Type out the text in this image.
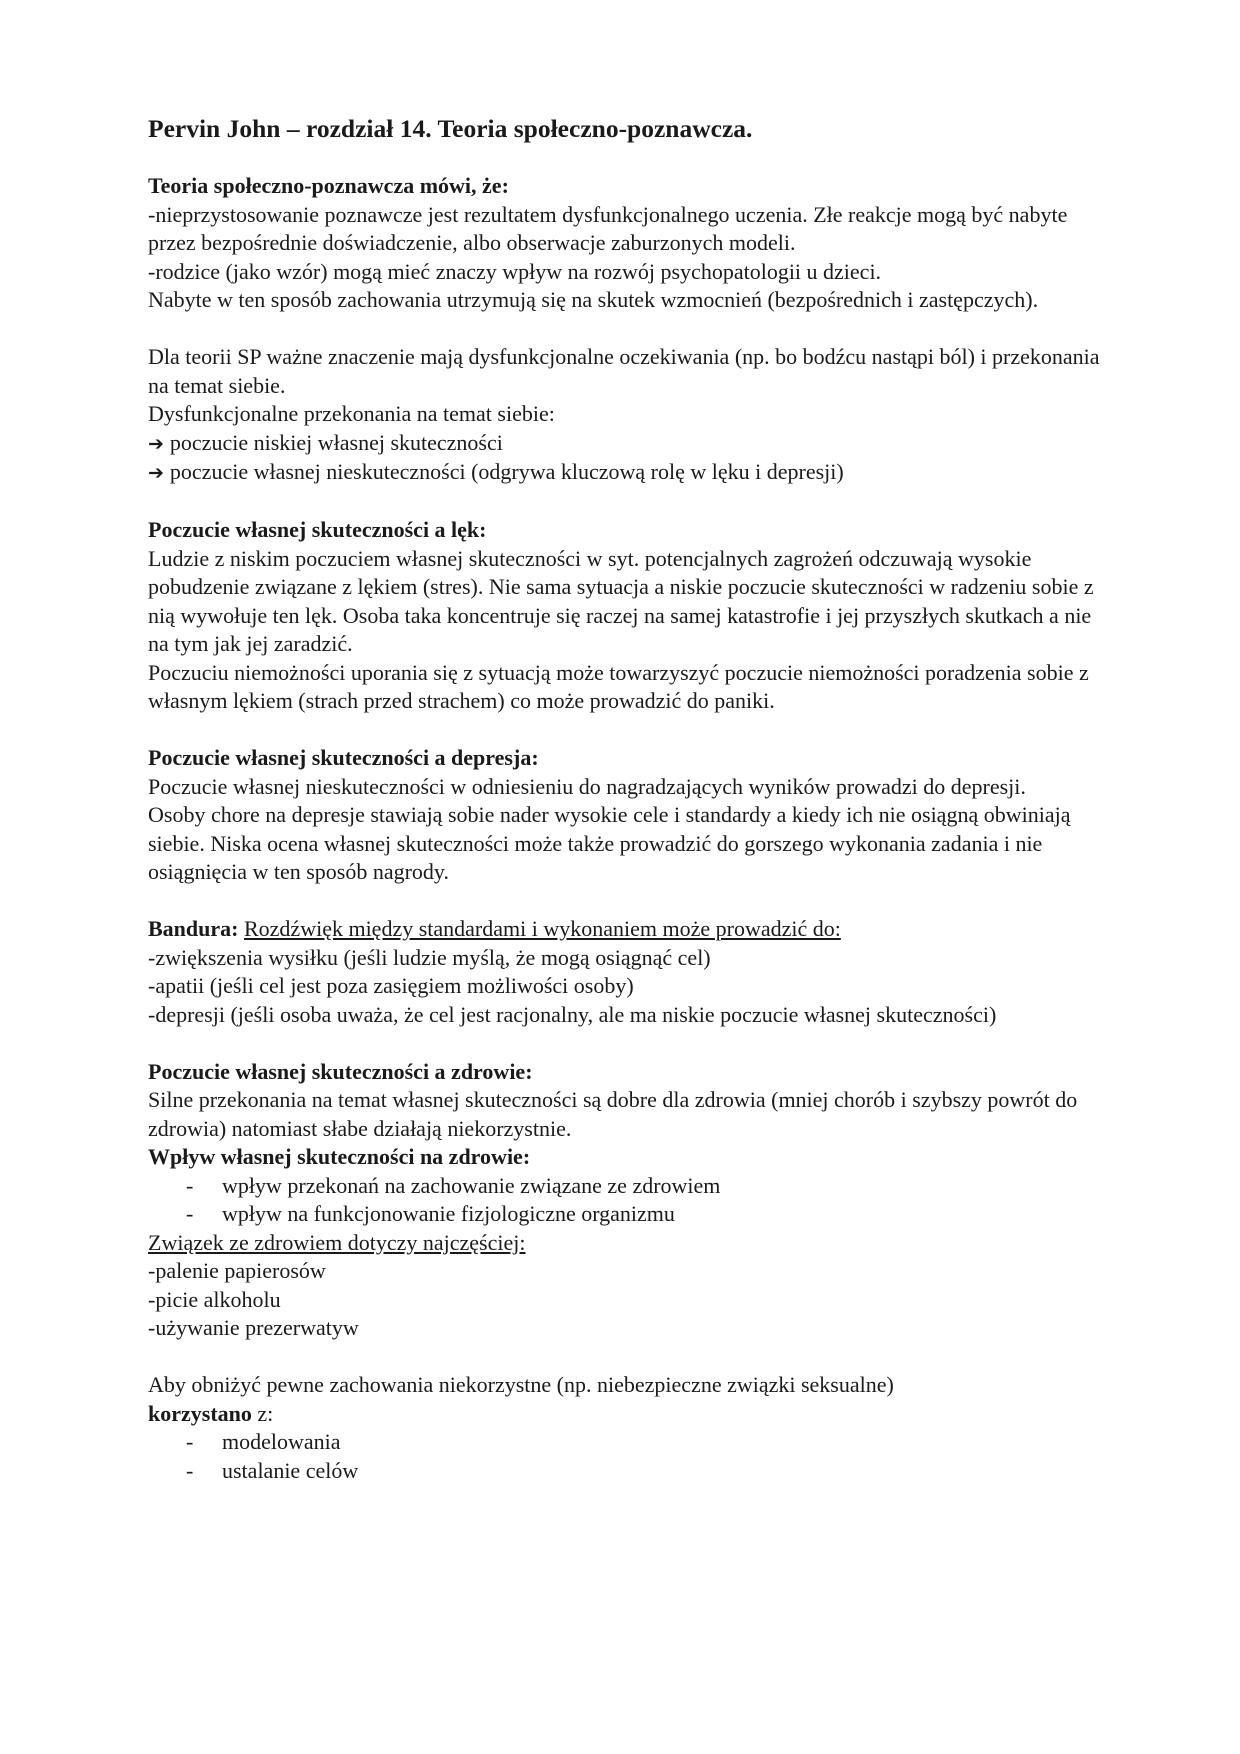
Pervin John – rozdział 14. Teoria społeczno-poznawcza.

Teoria społeczno-poznawcza mówi, że:

-nieprzystosowanie poznawcze jest rezultatem dysfunkcjonalnego uczenia. Złe reakcje mogą być nabyte przez bezpośrednie doświadczenie, albo obserwacje zaburzonych modeli.

-rodzice (jako wzór) mogą mieć znaczy wpływ na rozwój psychopatologii u dzieci.

Nabyte w ten sposób zachowania utrzymują się na skutek wzmocnień (bezpośrednich i zastępczych).

Dla teorii SP ważne znaczenie mają dysfunkcjonalne oczekiwania (np. bo bodźcu nastąpi ból) i przekonania na temat siebie.

Dysfunkcjonalne przekonania na temat siebie:

➔ poczucie niskiej własnej skuteczności
➔ poczucie własnej nieskuteczności (odgrywa kluczową rolę w lęku i depresji)

Poczucie własnej skuteczności a lęk:

Ludzie z niskim poczuciem własnej skuteczności w syt. potencjalnych zagrożeń odczuwają wysokie pobudzenie związane z lękiem (stres). Nie sama sytuacja a niskie poczucie skuteczności w radzeniu sobie z nią wywołuje ten lęk. Osoba taka koncentruje się raczej na samej katastrofie i jej przyszłych skutkach a nie na tym jak jej zaradzić.

Poczuciu niemożności uporania się z sytuacją może towarzyszyć poczucie niemożności poradzenia sobie z własnym lękiem (strach przed strachem) co może prowadzić do paniki.

Poczucie własnej skuteczności a depresja:

Poczucie własnej nieskuteczności w odniesieniu do nagradzających wyników prowadzi do depresji.

Osoby chore na depresje stawiają sobie nader wysokie cele i standardy a kiedy ich nie osiągną obwiniają siebie. Niska ocena własnej skuteczności może także prowadzić do gorszego wykonania zadania i nie osiągnięcia w ten sposób nagrody.

Bandura: Rozdźwięk między standardami i wykonaniem może prowadzić do:

-zwiększenia wysiłku (jeśli ludzie myślą, że mogą osiągnąć cel)

-apatii (jeśli cel jest poza zasięgiem możliwości osoby)

-depresji (jeśli osoba uważa, że cel jest racjonalny, ale ma niskie poczucie własnej skuteczności)

Poczucie własnej skuteczności a zdrowie:

Silne przekonania na temat własnej skuteczności są dobre dla zdrowia (mniej chorób i szybszy powrót do zdrowia) natomiast słabe działają niekorzystnie.

Wpływ własnej skuteczności na zdrowie:

- wpływ przekonań na zachowanie związane ze zdrowiem
- wpływ na funkcjonowanie fizjologiczne organizmu

Związek ze zdrowiem dotyczy najczęściej:

-palenie papierosów

-picie alkoholu

-używanie prezerwatyw

Aby obniżyć pewne zachowania niekorzystne (np. niebezpieczne związki seksualne)

korzystano z:

- modelowania
- ustalanie celów
